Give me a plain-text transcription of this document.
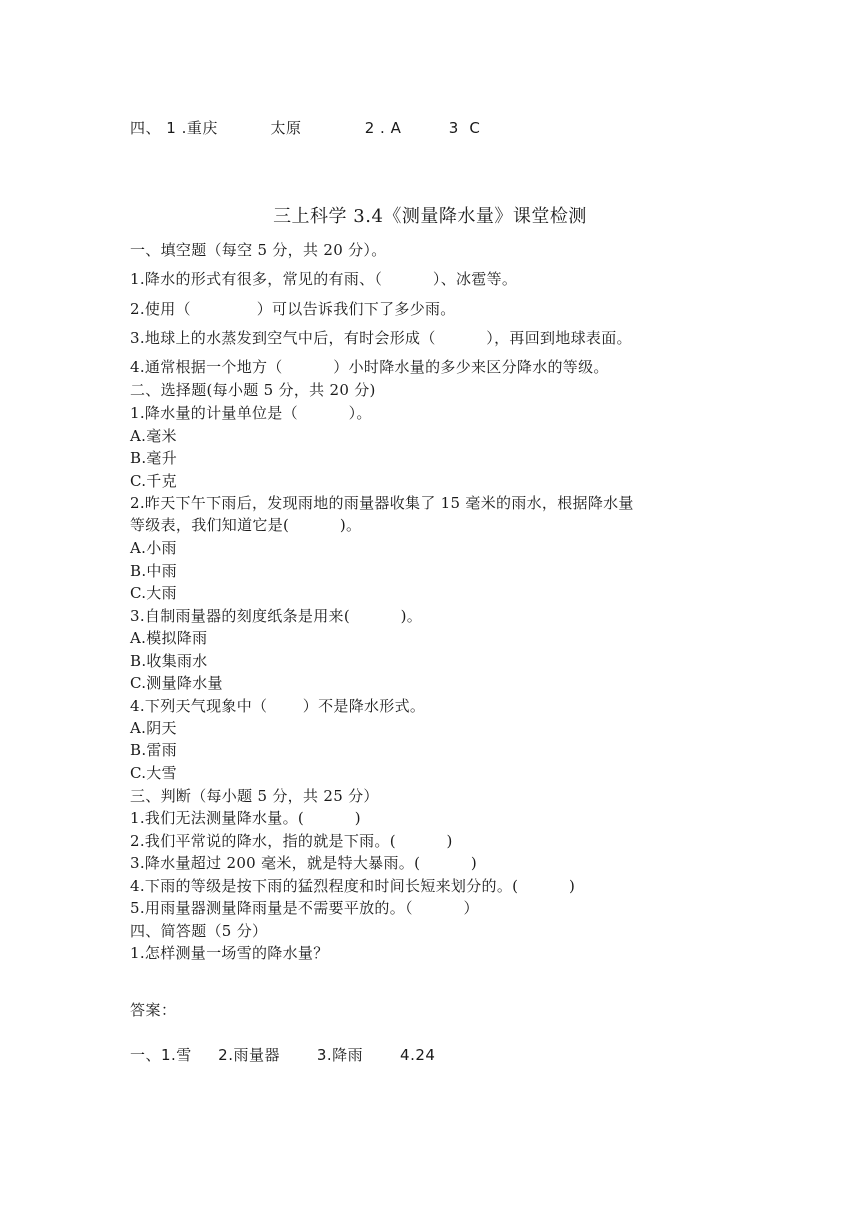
四、 1 .重庆          太原            2 . A         3  C
三上科学 3.4《测量降水量》课堂检测
一、填空题（每空 5 分，共 20 分）。
1.降水的形式有很多，常见的有雨、（          ）、冰雹等。
2.使用（             ）可以告诉我们下了多少雨。
3.地球上的水蒸发到空气中后，有时会形成（          ），再回到地球表面。
4.通常根据一个地方（          ）小时降水量的多少来区分降水的等级。
二、选择题(每小题 5 分，共 20 分)
1.降水量的计量单位是（          ）。
A.毫米
B.毫升
C.千克
2.昨天下午下雨后，发现雨地的雨量器收集了 15 毫米的雨水，根据降水量
等级表，我们知道它是(          )。
A.小雨
B.中雨
C.大雨
3.自制雨量器的刻度纸条是用来(          )。
A.模拟降雨
B.收集雨水
C.测量降水量
4.下列天气现象中（       ）不是降水形式。
A.阴天
B.雷雨
C.大雪
三、判断（每小题 5 分，共 25 分）
1.我们无法测量降水量。(          )
2.我们平常说的降水，指的就是下雨。(          )
3.降水量超过 200 毫米，就是特大暴雨。(          )
4.下雨的等级是按下雨的猛烈程度和时间长短来划分的。(          )
5.用雨量器测量降雨量是不需要平放的。（          ）
四、简答题（5 分）
1.怎样测量一场雪的降水量？
答案：
一、1.雪     2.雨量器       3.降雨       4.24
